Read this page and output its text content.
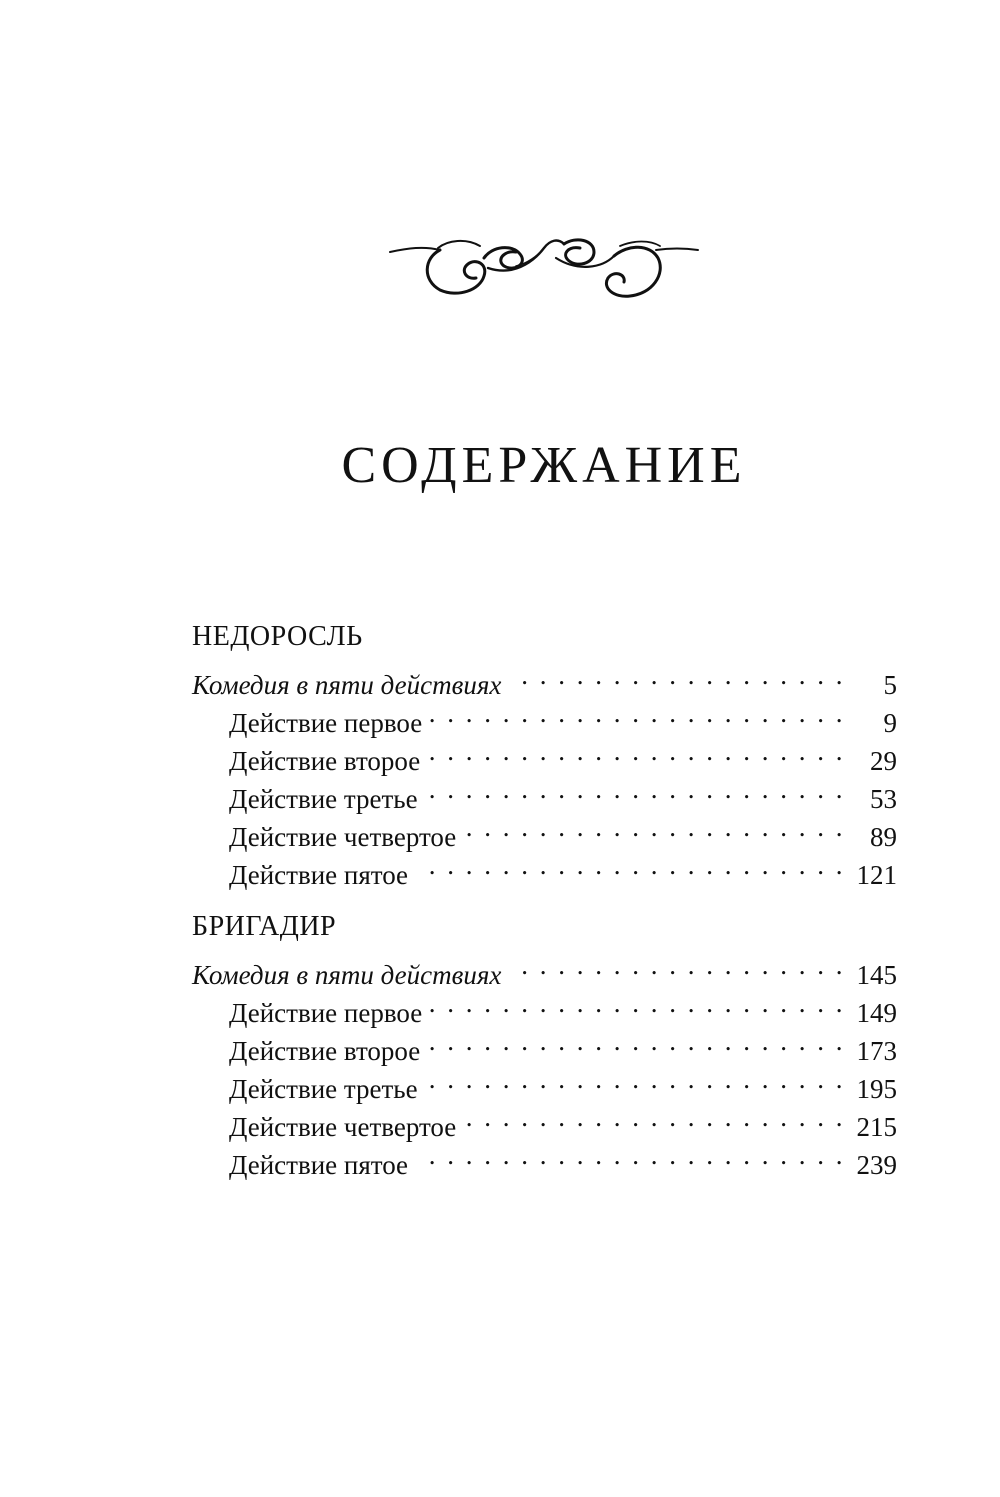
СОДЕРЖАНИЕ
НЕДОРОСЛЬ
Комедия в пяти действиях . . .	5
Действие первое . . .	9
Действие второе . . .	29
Действие третье . . .	53
Действие четвертое . . .	89
Действие пятое . . .	121
БРИГАДИР
Комедия в пяти действиях . . .	145
Действие первое . . .	149
Действие второе . . .	173
Действие третье . . .	195
Действие четвертое . . .	215
Действие пятое . . .	239
